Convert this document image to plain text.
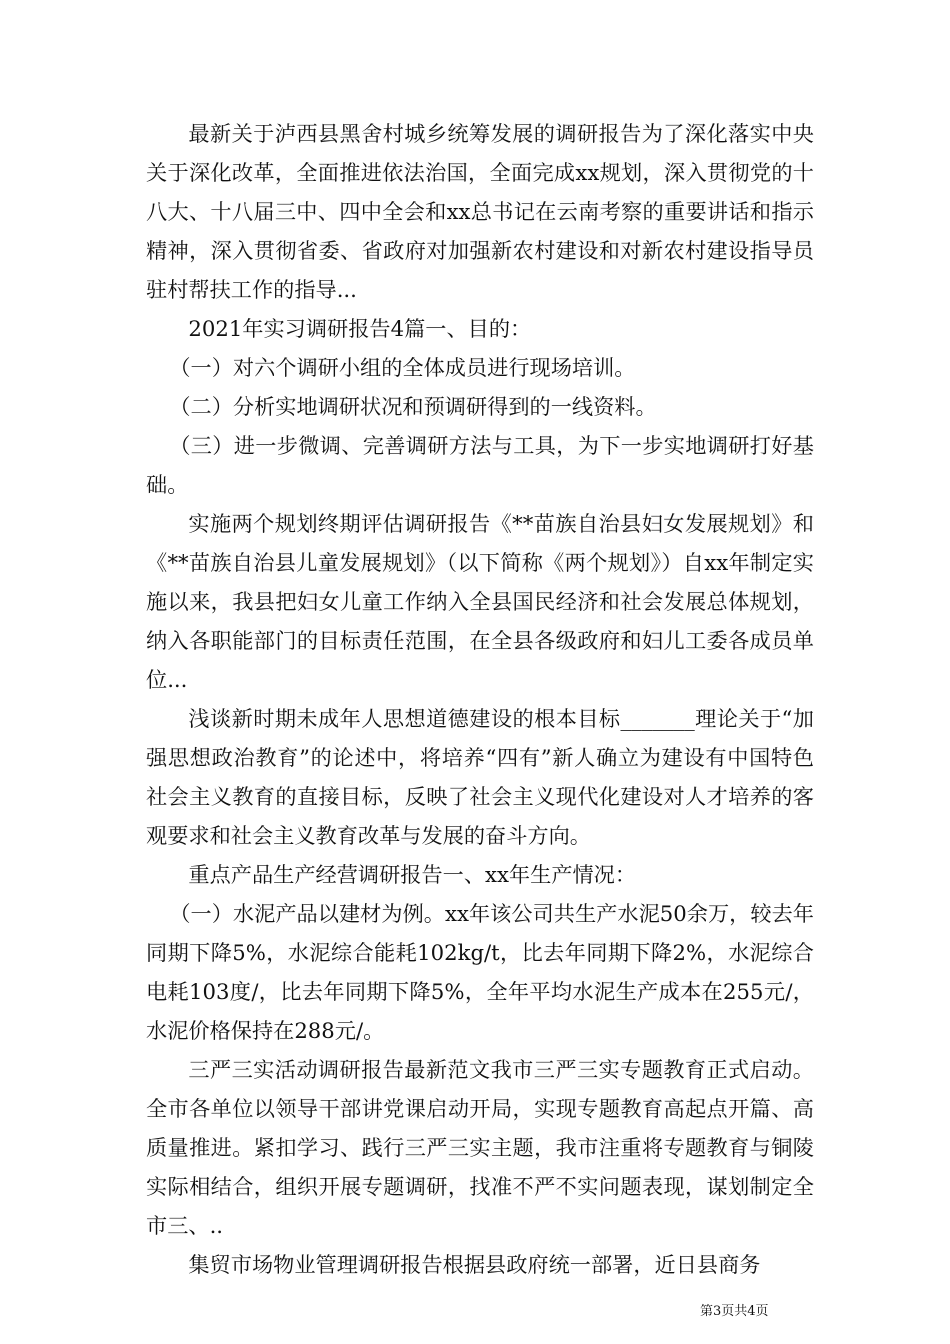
最新关于泸西县黑舍村城乡统筹发展的调研报告为了深化落实中央关于深化改革，全面推进依法治国，全面完成xx规划，深入贯彻党的十八大、十八届三中、四中全会和xx总书记在云南考察的重要讲话和指示精神，深入贯彻省委、省政府对加强新农村建设和对新农村建设指导员驻村帮扶工作的指导...

2021年实习调研报告4篇一、目的：

（一）对六个调研小组的全体成员进行现场培训。

（二）分析实地调研状况和预调研得到的一线资料。

（三）进一步微调、完善调研方法与工具，为下一步实地调研打好基础。

实施两个规划终期评估调研报告《**苗族自治县妇女发展规划》和《**苗族自治县儿童发展规划》（以下简称《两个规划》）自xx年制定实施以来，我县把妇女儿童工作纳入全县国民经济和社会发展总体规划，纳入各职能部门的目标责任范围，在全县各级政府和妇儿工委各成员单位...

浅谈新时期未成年人思想道德建设的根本目标_______理论关于“加强思想政治教育”的论述中，将培养“四有”新人确立为建设有中国特色社会主义教育的直接目标，反映了社会主义现代化建设对人才培养的客观要求和社会主义教育改革与发展的奋斗方向。

重点产品生产经营调研报告一、xx年生产情况：

（一）水泥产品以建材为例。xx年该公司共生产水泥50余万，较去年同期下降5%，水泥综合能耗102kg/t，比去年同期下降2%，水泥综合电耗103度/，比去年同期下降5%，全年平均水泥生产成本在255元/，水泥价格保持在288元/。

三严三实活动调研报告最新范文我市三严三实专题教育正式启动。全市各单位以领导干部讲党课启动开局，实现专题教育高起点开篇、高质量推进。紧扣学习、践行三严三实主题，我市注重将专题教育与铜陵实际相结合，组织开展专题调研，找准不严不实问题表现，谋划制定全市三、..

集贸市场物业管理调研报告根据县政府统一部署，近日县商务

第3页共4页
